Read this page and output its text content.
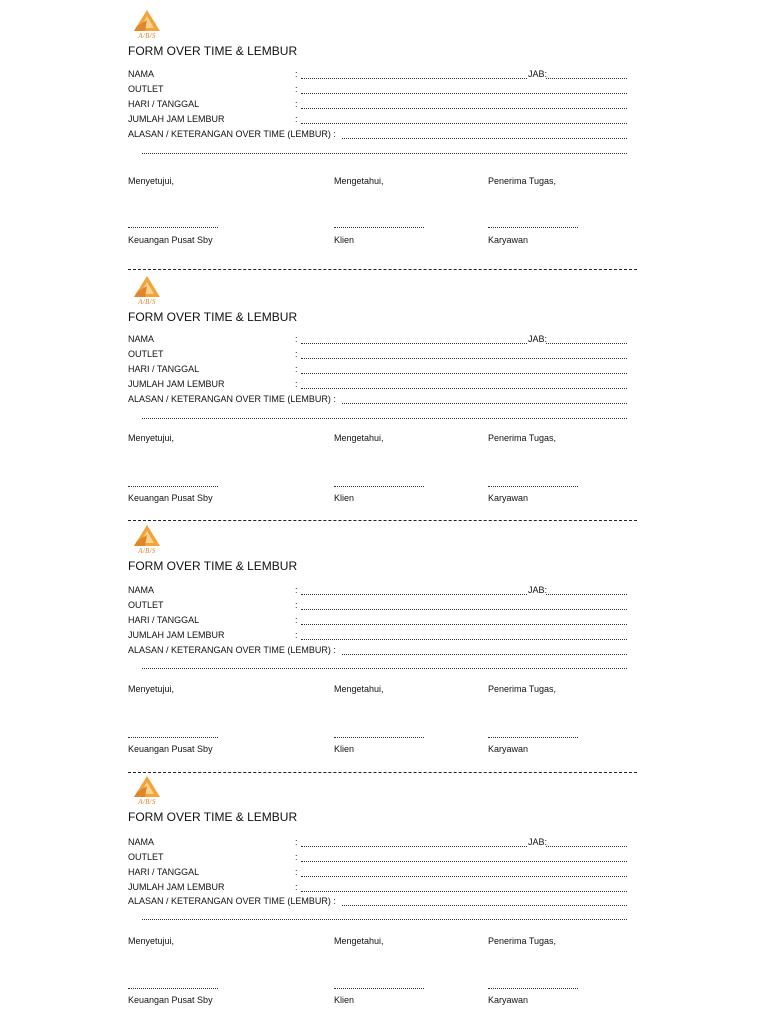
A/B/S
FORM OVER TIME & LEMBUR
NAMA	:	JAB:
OUTLET	:
HARI / TANGGAL	:
JUMLAH JAM LEMBUR	:
ALASAN / KETERANGAN OVER TIME (LEMBUR) :
Menyetujui,	Mengetahui,	Penerima Tugas,
Keuangan Pusat Sby	Klien	Karyawan
A/B/S
FORM OVER TIME & LEMBUR
NAMA	:	JAB:
OUTLET	:
HARI / TANGGAL	:
JUMLAH JAM LEMBUR	:
ALASAN / KETERANGAN OVER TIME (LEMBUR) :
Menyetujui,	Mengetahui,	Penerima Tugas,
Keuangan Pusat Sby	Klien	Karyawan
A/B/S
FORM OVER TIME & LEMBUR
NAMA	:	JAB:
OUTLET	:
HARI / TANGGAL	:
JUMLAH JAM LEMBUR	:
ALASAN / KETERANGAN OVER TIME (LEMBUR) :
Menyetujui,	Mengetahui,	Penerima Tugas,
Keuangan Pusat Sby	Klien	Karyawan
A/B/S
FORM OVER TIME & LEMBUR
NAMA	:	JAB:
OUTLET	:
HARI / TANGGAL	:
JUMLAH JAM LEMBUR	:
ALASAN / KETERANGAN OVER TIME (LEMBUR) :
Menyetujui,	Mengetahui,	Penerima Tugas,
Keuangan Pusat Sby	Klien	Karyawan
